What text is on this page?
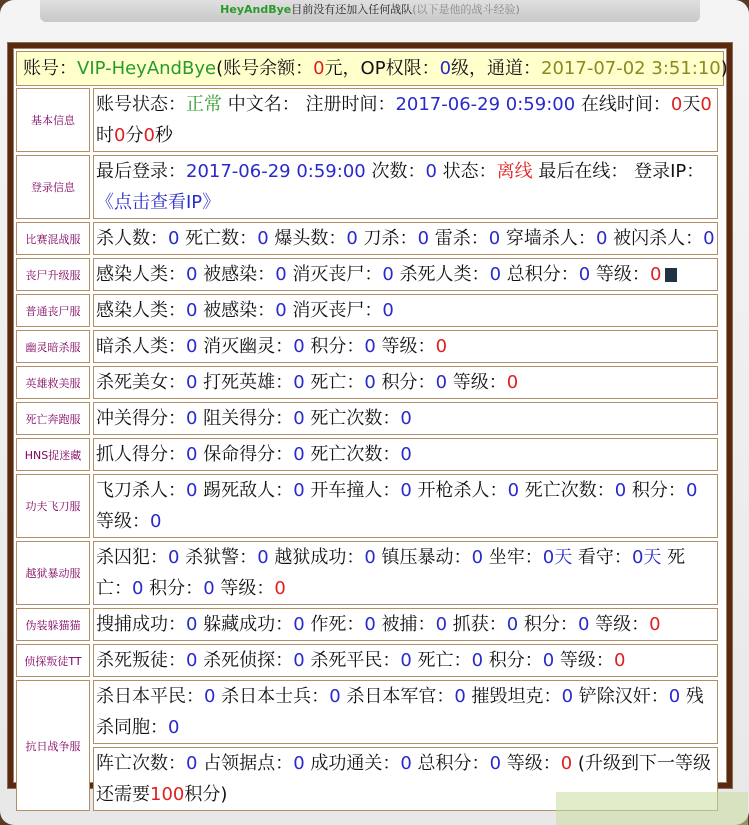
HeyAndBye目前没有还加入任何战队(以下是他的战斗经验)
账号：VIP-HeyAndBye(账号余额：0元，OP权限：0级，通道：2017-07-02 3:51:10)
基本信息	账号状态：正常 中文名： 注册时间：2017-06-29 0:59:00 在线时间：0天0时0分0秒
登录信息	最后登录：2017-06-29 0:59:00 次数：0 状态：离线 最后在线： 登录IP：《点击查看IP》
比赛混战服	杀人数：0 死亡数：0 爆头数：0 刀杀：0 雷杀：0 穿墙杀人：0 被闪杀人：0
丧尸升级服	感染人类：0 被感染：0 消灭丧尸：0 杀死人类：0 总积分：0 等级：0
普通丧尸服	感染人类：0 被感染：0 消灭丧尸：0
幽灵暗杀服	暗杀人类：0 消灭幽灵：0 积分：0 等级：0
英雄救美服	杀死美女：0 打死英雄：0 死亡：0 积分：0 等级：0
死亡奔跑服	冲关得分：0 阻关得分：0 死亡次数：0
HNS捉迷藏	抓人得分：0 保命得分：0 死亡次数：0
功夫飞刀服	飞刀杀人：0 踢死敌人：0 开车撞人：0 开枪杀人：0 死亡次数：0 积分：0 等级：0
越狱暴动服	杀囚犯：0 杀狱警：0 越狱成功：0 镇压暴动：0 坐牢：0天 看守：0天 死亡：0 积分：0 等级：0
伪装躲猫猫	搜捕成功：0 躲藏成功：0 作死：0 被捕：0 抓获：0 积分：0 等级：0
侦探叛徒TT	杀死叛徒：0 杀死侦探：0 杀死平民：0 死亡：0 积分：0 等级：0
抗日战争服	杀日本平民：0 杀日本士兵：0 杀日本军官：0 摧毁坦克：0 铲除汉奸：0 残杀同胞：0
	阵亡次数：0 占领据点：0 成功通关：0 总积分：0 等级：0 (升级到下一等级还需要100积分)
